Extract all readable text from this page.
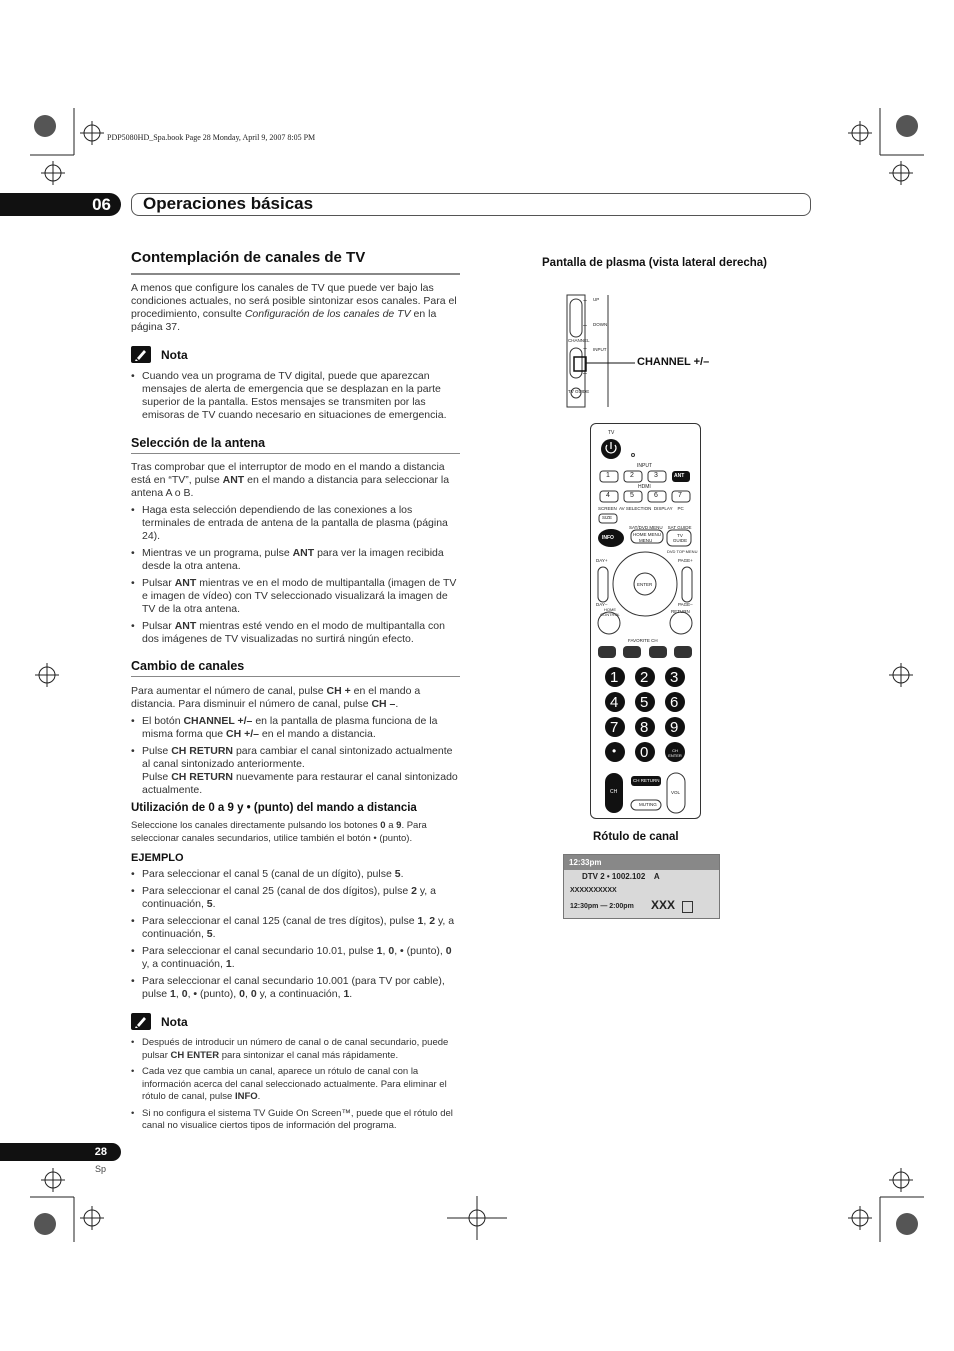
PDP5080HD_Spa.book Page 28 Monday, April 9, 2007 8:05 PM
06	Operaciones básicas
Contemplación de canales de TV
A menos que configure los canales de TV que puede ver bajo las condiciones actuales, no será posible sintonizar esos canales. Para el procedimiento, consulte Configuración de los canales de TV en la página 37.
Nota
• Cuando vea un programa de TV digital, puede que aparezcan mensajes de alerta de emergencia que se desplazan en la parte superior de la pantalla. Estos mensajes se transmiten por las emisoras de TV cuando necesario en situaciones de emergencia.
Selección de la antena
Tras comprobar que el interruptor de modo en el mando a distancia está en “TV”, pulse ANT en el mando a distancia para seleccionar la antena A o B.
• Haga esta selección dependiendo de las conexiones a los terminales de entrada de antena de la pantalla de plasma (página 24).
• Mientras ve un programa, pulse ANT para ver la imagen recibida desde la otra antena.
• Pulsar ANT mientras ve en el modo de multipantalla (imagen de TV e imagen de vídeo) con TV seleccionado visualizará la imagen de TV de la otra antena.
• Pulsar ANT mientras esté vendo en el modo de multipantalla con dos imágenes de TV visualizadas no surtirá ningún efecto.
Cambio de canales
Para aumentar el número de canal, pulse CH + en el mando a distancia. Para disminuir el número de canal, pulse CH –.
• El botón CHANNEL +/– en la pantalla de plasma funciona de la misma forma que CH +/– en el mando a distancia.
• Pulse CH RETURN para cambiar el canal sintonizado actualmente al canal sintonizado anteriormente.
Pulse CH RETURN nuevamente para restaurar el canal sintonizado actualmente.
Utilización de 0 a 9 y • (punto) del mando a distancia
Seleccione los canales directamente pulsando los botones 0 a 9. Para seleccionar canales secundarios, utilice también el botón • (punto).
EJEMPLO
• Para seleccionar el canal 5 (canal de un dígito), pulse 5.
• Para seleccionar el canal 25 (canal de dos dígitos), pulse 2 y, a continuación, 5.
• Para seleccionar el canal 125 (canal de tres dígitos), pulse 1, 2 y, a continuación, 5.
• Para seleccionar el canal secundario 10.01, pulse 1, 0, • (punto), 0 y, a continuación, 1.
• Para seleccionar el canal secundario 10.001 (para TV por cable), pulse 1, 0, • (punto), 0, 0 y, a continuación, 1.
Nota
• Después de introducir un número de canal o de canal secundario, puede pulsar CH ENTER para sintonizar el canal más rápidamente.
• Cada vez que cambia un canal, aparece un rótulo de canal con la información acerca del canal seleccionado actualmente. Para eliminar el rótulo de canal, pulse INFO.
• Si no configura el sistema TV Guide On Screen™, puede que el rótulo del canal no visualice ciertos tipos de información del programa.
Pantalla de plasma (vista lateral derecha)
UP
DOWN
CHANNEL
INPUT
TV GUIDE
+
–
+
–
CHANNEL +/–
TV
INPUT
1	2	3	ANT
HDMI
4	5	6	7
SCREEN  AV SELECTION  DISPLAY    PC
SIZE
SAT/DVD MENU    SAT GUIDE
HOME MENU
MENU
TV GUIDE
INFO
DVD TOP MENU
DAY+	PAGE+
DAY–	PAGE–
ENTER
HOME CONTROL
RETURN
FAVORITE CH
1 2 3
4 5 6
7 8 9
• 0	CH ENTER
CH
CH RETURN
MUTING
VOL
Rótulo de canal
12:33pm
DTV 2 • 1002.102    A
XXXXXXXXXX
12:30pm — 2:00pm XXX
28
Sp
